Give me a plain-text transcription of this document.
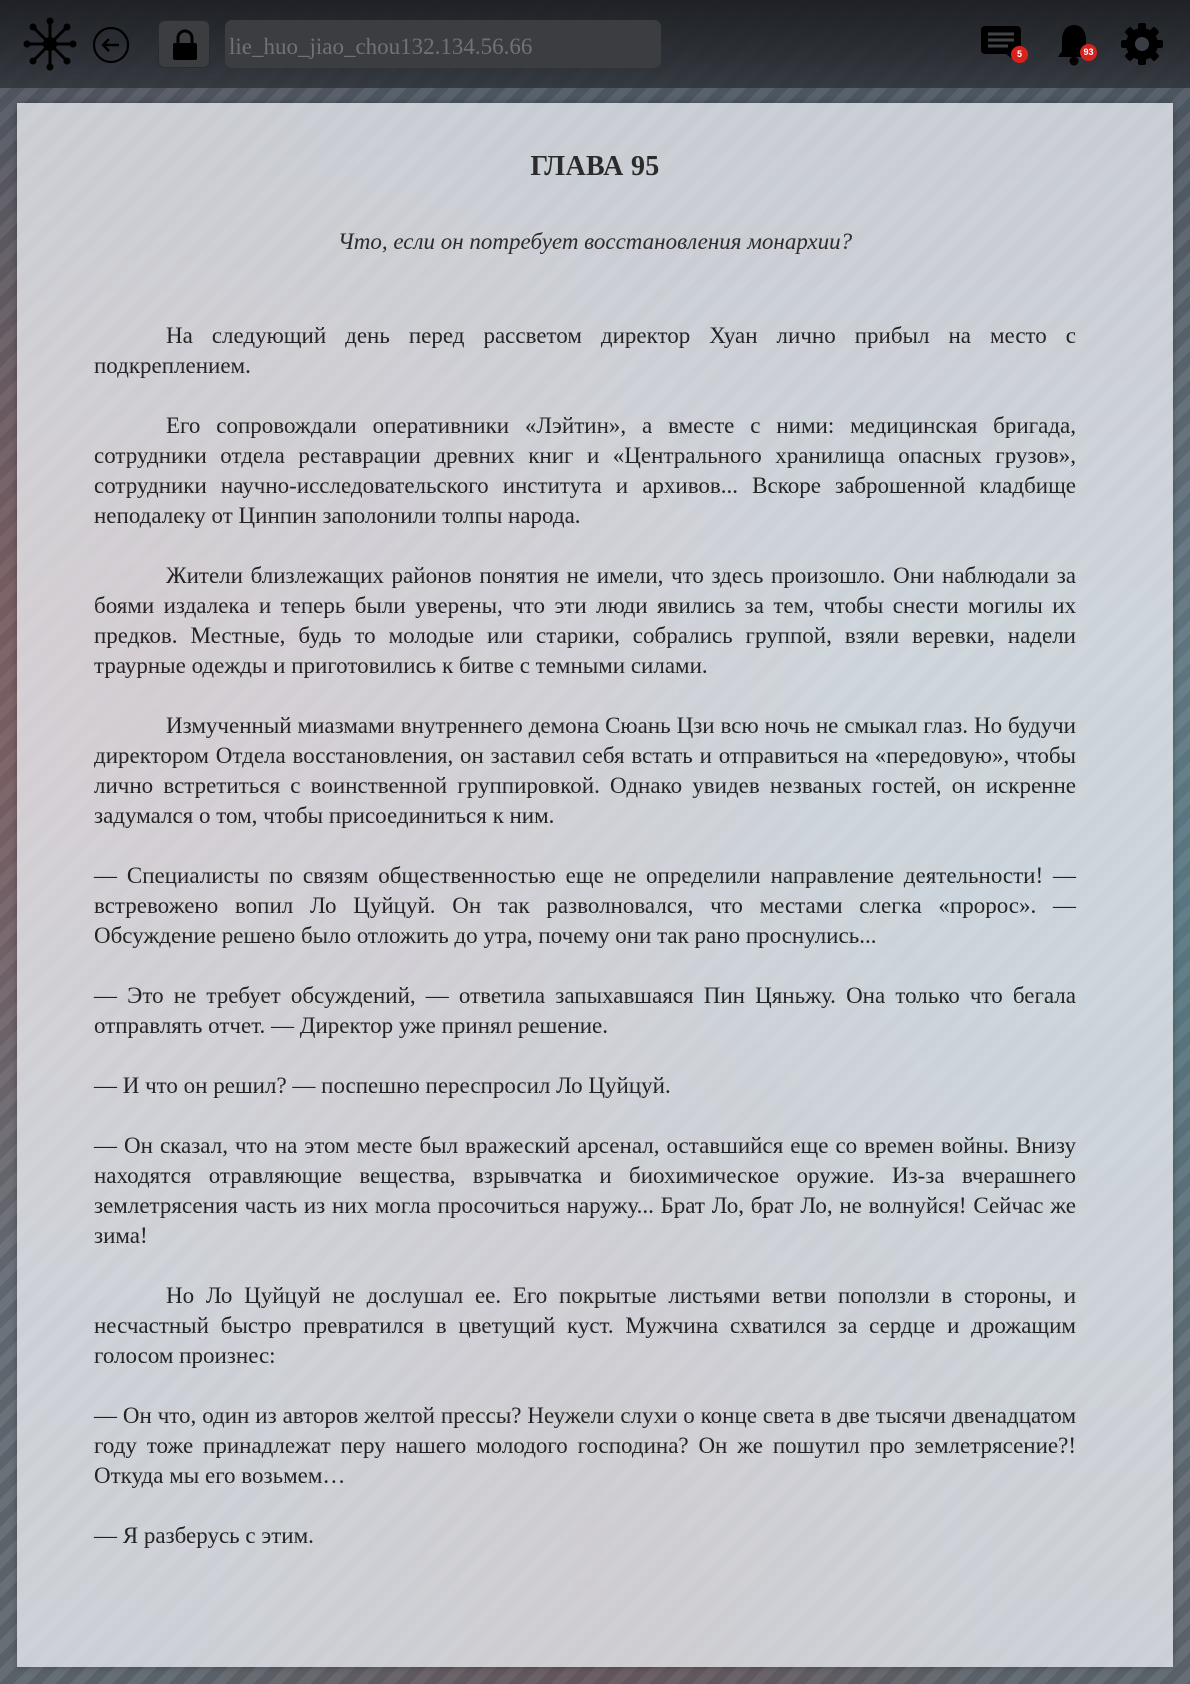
lie_huo_jiao_chou132.134.56.66
5	93
ГЛАВА 95
Что, если он потребует восстановления монархии?

На следующий день перед рассветом директор Хуан лично прибыл на место с подкреплением.

Его сопровождали оперативники «Лэйтин», а вместе с ними: медицинская бригада, сотрудники отдела реставрации древних книг и «Центрального хранилища опасных грузов», сотрудники научно-исследовательского института и архивов... Вскоре заброшенной кладбище неподалеку от Цинпин заполонили толпы народа.

Жители близлежащих районов понятия не имели, что здесь произошло. Они наблюдали за боями издалека и теперь были уверены, что эти люди явились за тем, чтобы снести могилы их предков. Местные, будь то молодые или старики, собрались группой, взяли веревки, надели траурные одежды и приготовились к битве с темными силами.

Измученный миазмами внутреннего демона Сюань Цзи всю ночь не смыкал глаз. Но будучи директором Отдела восстановления, он заставил себя встать и отправиться на «передовую», чтобы лично встретиться с воинственной группировкой. Однако увидев незваных гостей, он искренне задумался о том, чтобы присоединиться к ним.

— Специалисты по связям общественностью еще не определили направление деятельности! — встревожено вопил Ло Цуйцуй. Он так разволновался, что местами слегка «пророс». — Обсуждение решено было отложить до утра, почему они так рано проснулись...

— Это не требует обсуждений, — ответила запыхавшаяся Пин Цяньжу. Она только что бегала отправлять отчет. — Директор уже принял решение.

— И что он решил? — поспешно переспросил Ло Цуйцуй.

— Он сказал, что на этом месте был вражеский арсенал, оставшийся еще со времен войны. Внизу находятся отравляющие вещества, взрывчатка и биохимическое оружие. Из-за вчерашнего землетрясения часть из них могла просочиться наружу... Брат Ло, брат Ло, не волнуйся! Сейчас же зима!

Но Ло Цуйцуй не дослушал ее. Его покрытые листьями ветви поползли в стороны, и несчастный быстро превратился в цветущий куст. Мужчина схватился за сердце и дрожащим голосом произнес:

— Он что, один из авторов желтой прессы? Неужели слухи о конце света в две тысячи двенадцатом году тоже принадлежат перу нашего молодого господина? Он же пошутил про землетрясение?! Откуда мы его возьмем…

— Я разберусь с этим.
